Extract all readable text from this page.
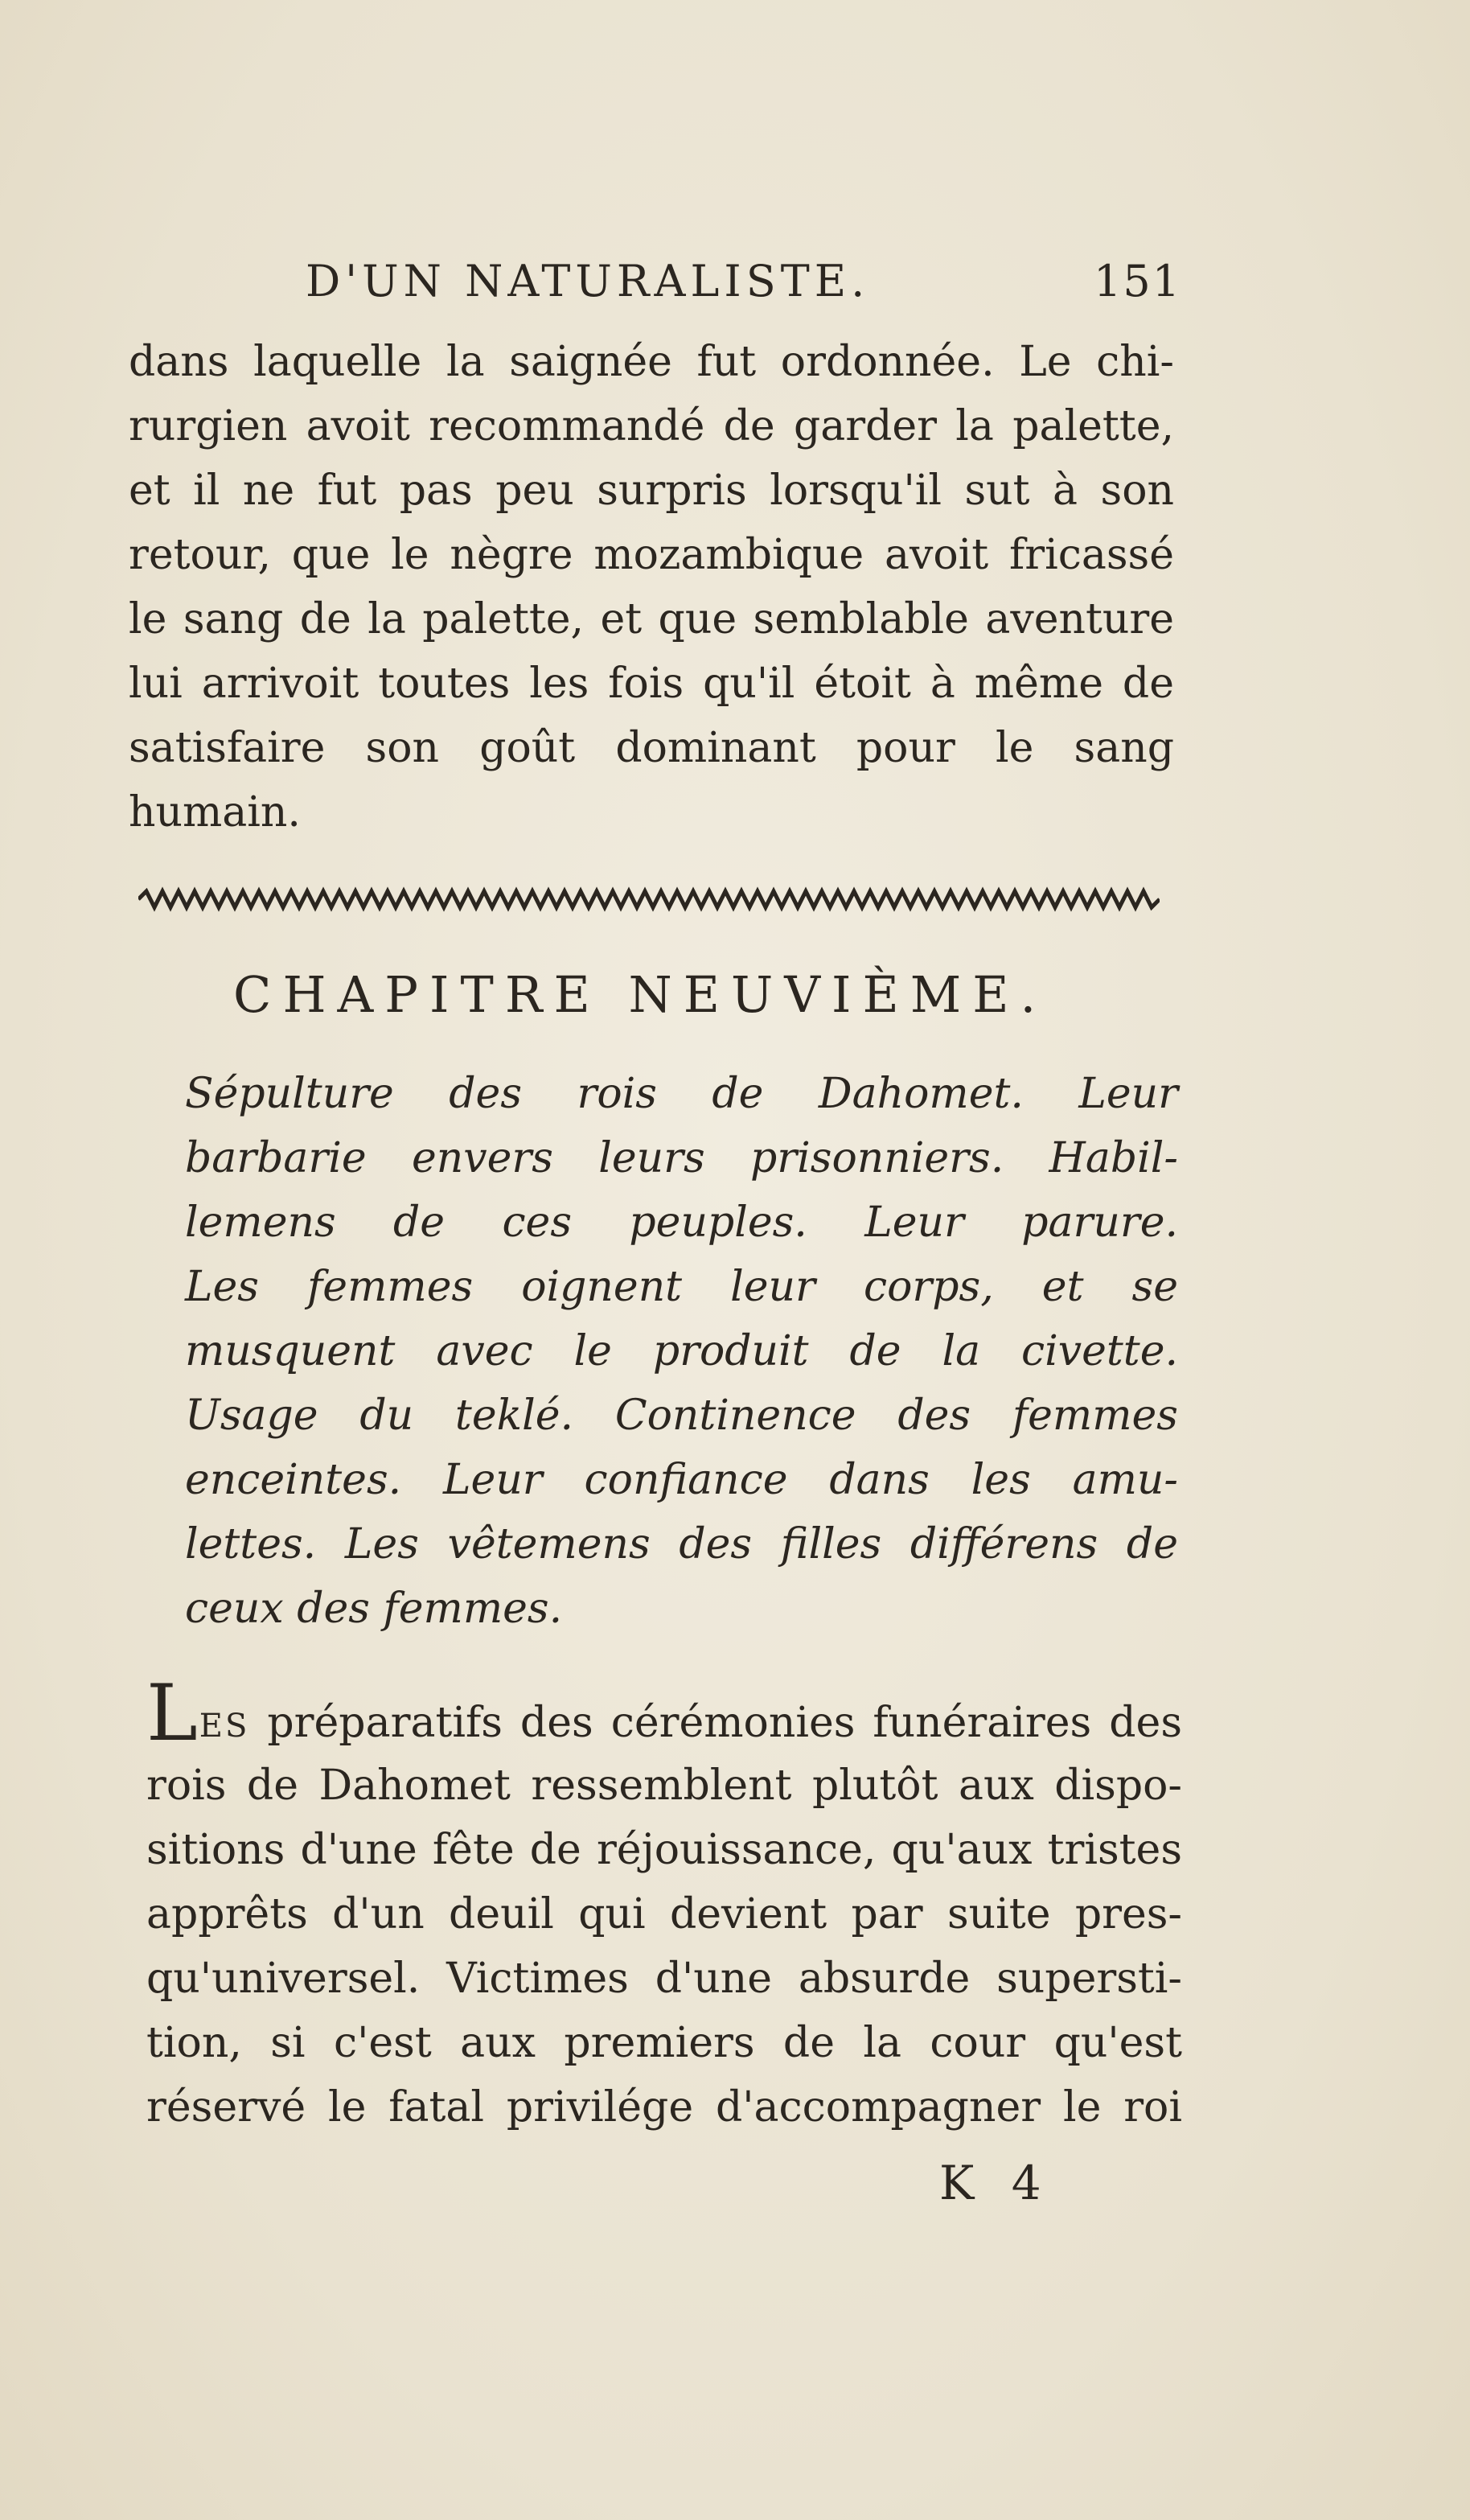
D'UN NATURALISTE.	151
dans laquelle la saignée fut ordonnée. Le chi-
rurgien avoit recommandé de garder la palette,
et il ne fut pas peu surpris lorsqu'il sut à son
retour, que le nègre mozambique avoit fricassé
le sang de la palette, et que semblable aventure
lui arrivoit toutes les fois qu'il étoit à même de
satisfaire son goût dominant pour le sang
humain.
CHAPITRE NEUVIÈME.
Sépulture des rois de Dahomet. Leur
barbarie envers leurs prisonniers. Habil-
lemens de ces peuples. Leur parure.
Les femmes oignent leur corps, et se
musquent avec le produit de la civette.
Usage du teklé. Continence des femmes
enceintes. Leur confiance dans les amu-
lettes. Les vêtemens des filles différens de
ceux des femmes.
LES préparatifs des cérémonies funéraires des
rois de Dahomet ressemblent plutôt aux dispo-
sitions d'une fête de réjouissance, qu'aux tristes
apprêts d'un deuil qui devient par suite pres-
qu'universel. Victimes d'une absurde supersti-
tion, si c'est aux premiers de la cour qu'est
réservé le fatal privilége d'accompagner le roi
K 4
